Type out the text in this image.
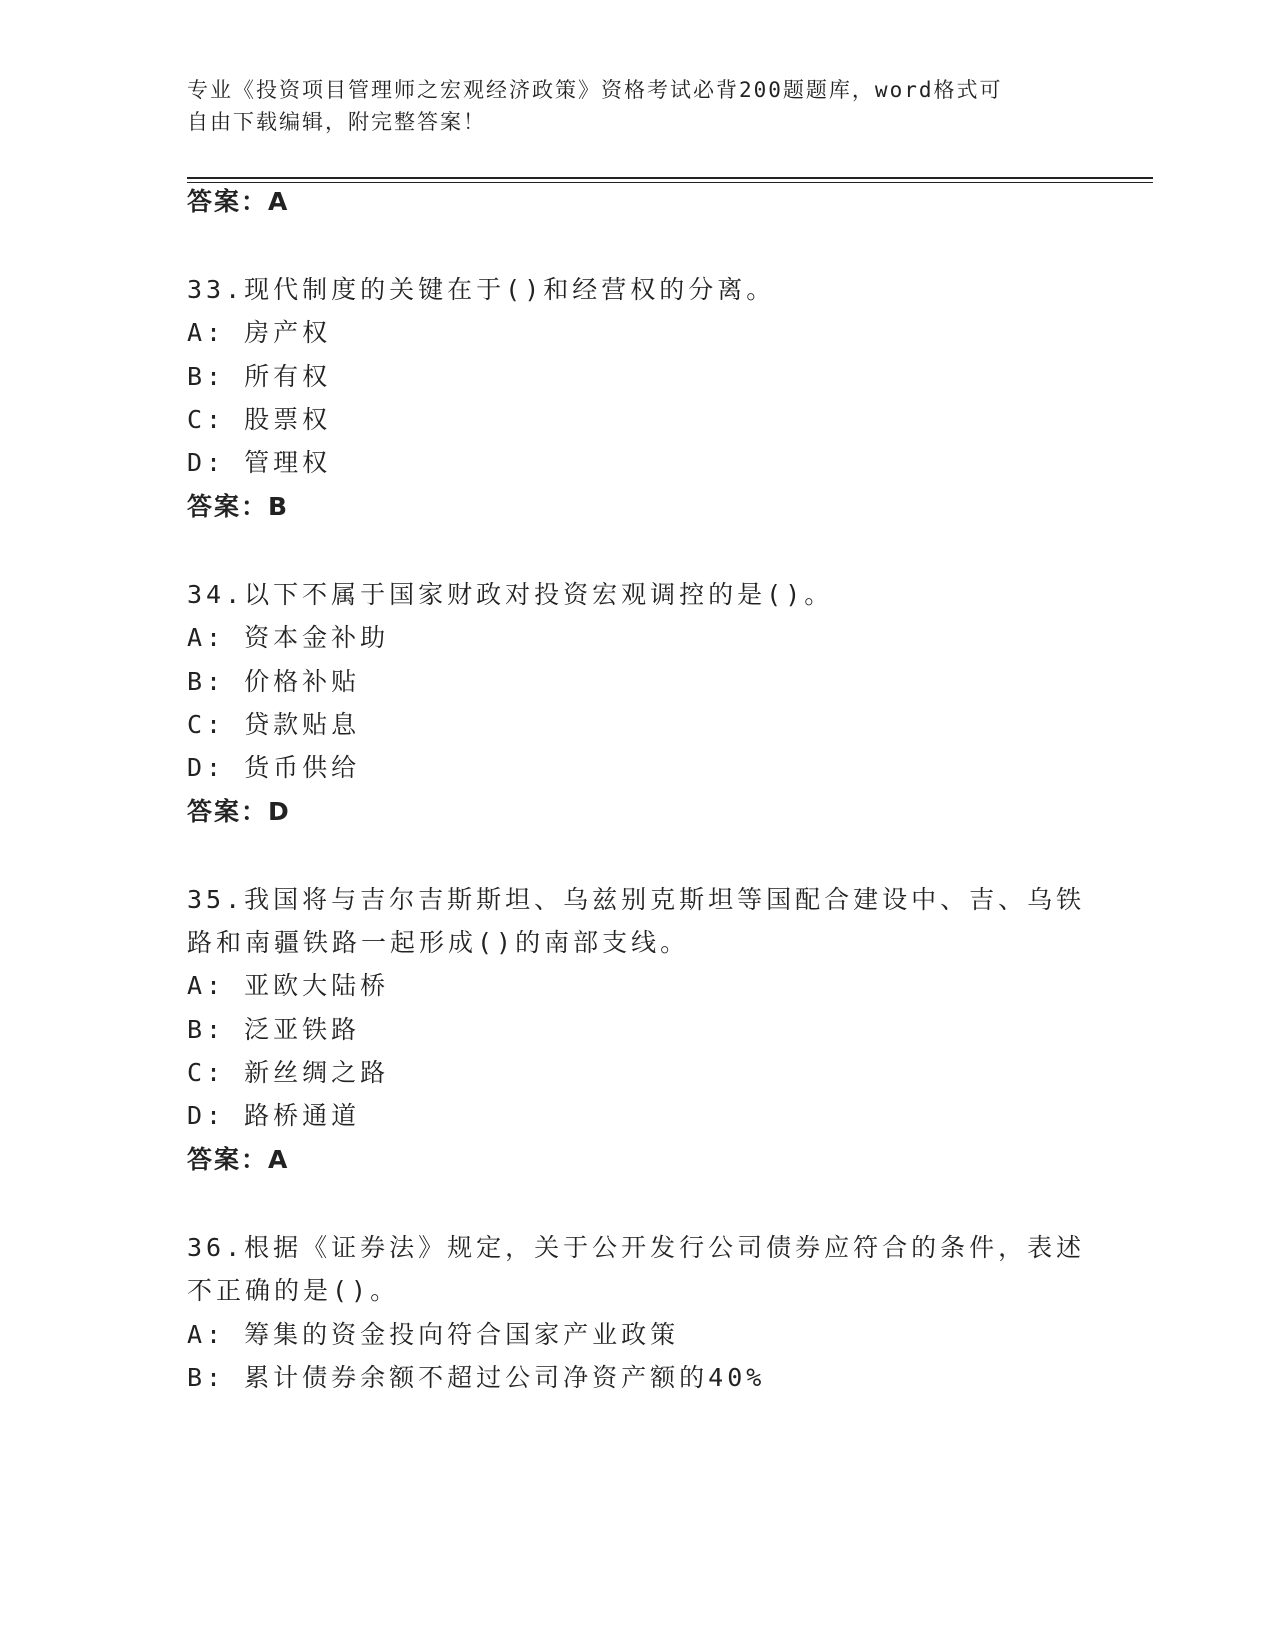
专业《投资项目管理师之宏观经济政策》资格考试必背200题题库，word格式可
自由下载编辑，附完整答案！
答案：A
33.现代制度的关键在于()和经营权的分离。
A: 房产权
B: 所有权
C: 股票权
D: 管理权
答案：B
34.以下不属于国家财政对投资宏观调控的是()。
A: 资本金补助
B: 价格补贴
C: 贷款贴息
D: 货币供给
答案：D
35.我国将与吉尔吉斯斯坦、乌兹别克斯坦等国配合建设中、吉、乌铁
路和南疆铁路一起形成()的南部支线。
A: 亚欧大陆桥
B: 泛亚铁路
C: 新丝绸之路
D: 路桥通道
答案：A
36.根据《证券法》规定，关于公开发行公司债券应符合的条件，表述
不正确的是()。
A: 筹集的资金投向符合国家产业政策
B: 累计债券余额不超过公司净资产额的40%
